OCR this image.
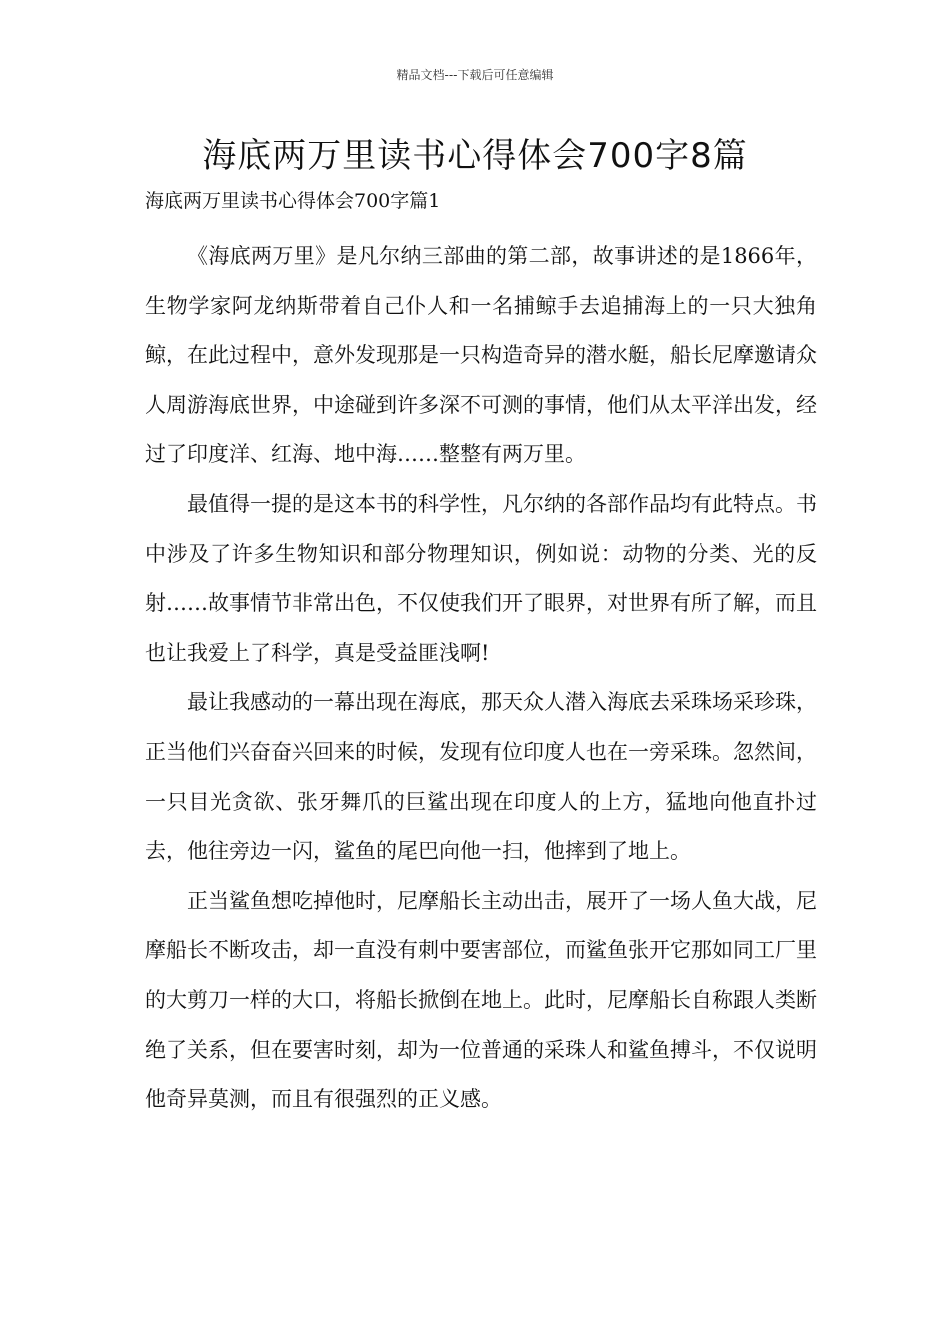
精品文档---下载后可任意编辑
海底两万里读书心得体会700字8篇
海底两万里读书心得体会700字篇1

《海底两万里》是凡尔纳三部曲的第二部，故事讲述的是1866年，生物学家阿龙纳斯带着自己仆人和一名捕鲸手去追捕海上的一只大独角鲸，在此过程中，意外发现那是一只构造奇异的潜水艇，船长尼摩邀请众人周游海底世界，中途碰到许多深不可测的事情，他们从太平洋出发，经过了印度洋、红海、地中海……整整有两万里。

最值得一提的是这本书的科学性，凡尔纳的各部作品均有此特点。书中涉及了许多生物知识和部分物理知识，例如说：动物的分类、光的反射……故事情节非常出色，不仅使我们开了眼界，对世界有所了解，而且也让我爱上了科学，真是受益匪浅啊!

最让我感动的一幕出现在海底，那天众人潜入海底去采珠场采珍珠，正当他们兴奋奋兴回来的时候，发现有位印度人也在一旁采珠。忽然间，一只目光贪欲、张牙舞爪的巨鲨出现在印度人的上方，猛地向他直扑过去，他往旁边一闪，鲨鱼的尾巴向他一扫，他摔到了地上。

正当鲨鱼想吃掉他时，尼摩船长主动出击，展开了一场人鱼大战，尼摩船长不断攻击，却一直没有刺中要害部位，而鲨鱼张开它那如同工厂里的大剪刀一样的大口，将船长掀倒在地上。此时，尼摩船长自称跟人类断绝了关系，但在要害时刻，却为一位普通的采珠人和鲨鱼搏斗，不仅说明他奇异莫测，而且有很强烈的正义感。
